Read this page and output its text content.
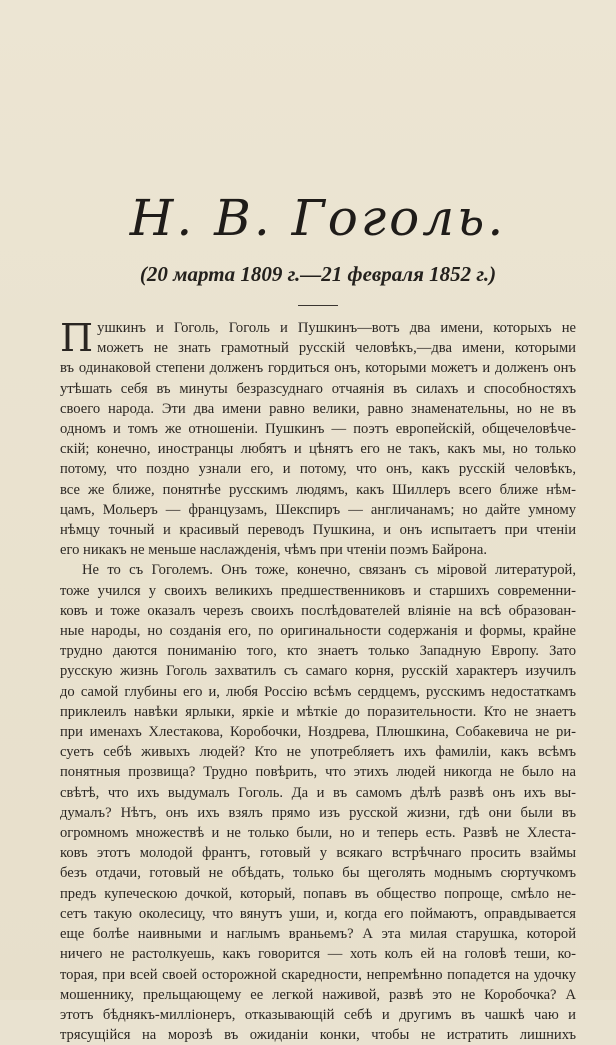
Н. В. Гоголь.
(20 марта 1809 г.—21 февраля 1852 г.)
П ушкинъ и Гоголь, Гоголь и Пушкинъ—вотъ два имени, которыхъ не
можетъ не знать грамотный русскій человѣкъ,—два имени, которыми
въ одинаковой степени долженъ гордиться онъ, которыми можетъ и долженъ онъ
утѣшать себя въ минуты безразсуднаго отчаянія въ силахъ и способностяхъ
своего народа. Эти два имени равно велики, равно знаменательны, но не въ
одномъ и томъ же отношеніи. Пушкинъ — поэтъ европейскій, общечеловѣче-
скій; конечно, иностранцы любятъ и цѣнятъ его не такъ, какъ мы, но только
потому, что поздно узнали его, и потому, что онъ, какъ русскій человѣкъ,
все же ближе, понятнѣе русскимъ людямъ, какъ Шиллеръ всего ближе нѣм-
цамъ, Мольеръ — французамъ, Шекспиръ — англичанамъ; но дайте умному
нѣмцу точный и красивый переводъ Пушкина, и онъ испытаетъ при чтеніи
его никакъ не меньше наслажденія, чѣмъ при чтеніи поэмъ Байрона.
Не то съ Гоголемъ. Онъ тоже, конечно, связанъ съ міровой литературой,
тоже учился у своихъ великихъ предшественниковъ и старшихъ современни-
ковъ и тоже оказалъ черезъ своихъ послѣдователей вліяніе на всѣ образован-
ные народы, но созданія его, по оригинальности содержанія и формы, крайне
трудно даются пониманію того, кто знаетъ только Западную Европу. Зато
русскую жизнь Гоголь захватилъ съ самаго корня, русскій характеръ изучилъ
до самой глубины его и, любя Россію всѣмъ сердцемъ, русскимъ недостаткамъ
приклеилъ навѣки ярлыки, яркіе и мѣткіе до поразительности. Кто не знаетъ
при именахъ Хлестакова, Коробочки, Ноздрева, Плюшкина, Собакевича не ри-
суетъ себѣ живыхъ людей? Кто не употребляетъ ихъ фамиліи, какъ всѣмъ
понятныя прозвища? Трудно повѣрить, что этихъ людей никогда не было на
свѣтѣ, что ихъ выдумалъ Гоголь. Да и въ самомъ дѣлѣ развѣ онъ ихъ вы-
думалъ? Нѣтъ, онъ ихъ взялъ прямо изъ русской жизни, гдѣ они были въ
огромномъ множествѣ и не только были, но и теперь есть. Развѣ не Хлеста-
ковъ этотъ молодой франтъ, готовый у всякаго встрѣчнаго просить взаймы
безъ отдачи, готовый не обѣдать, только бы щеголять моднымъ сюртучкомъ
предъ купеческою дочкой, который, попавъ въ общество попроще, смѣло не-
сетъ такую околесицу, что вянутъ уши, и, когда его поймаютъ, оправдывается
еще болѣе наивными и наглымъ враньемъ? А эта милая старушка, которой
ничего не растолкуешь, какъ говорится — хоть колъ ей на головѣ теши, ко-
торая, при всей своей осторожной скаредности, непремѣнно попадется на удочку
мошеннику, прельщающему ее легкой наживой, развѣ это не Коробочка? А
этотъ бѣднякъ-милліонеръ, отказывающій себѣ и другимъ въ чашкѣ чаю и
трясущійся на морозѣ въ ожиданіи конки, чтобы не истратить лишнихъ
